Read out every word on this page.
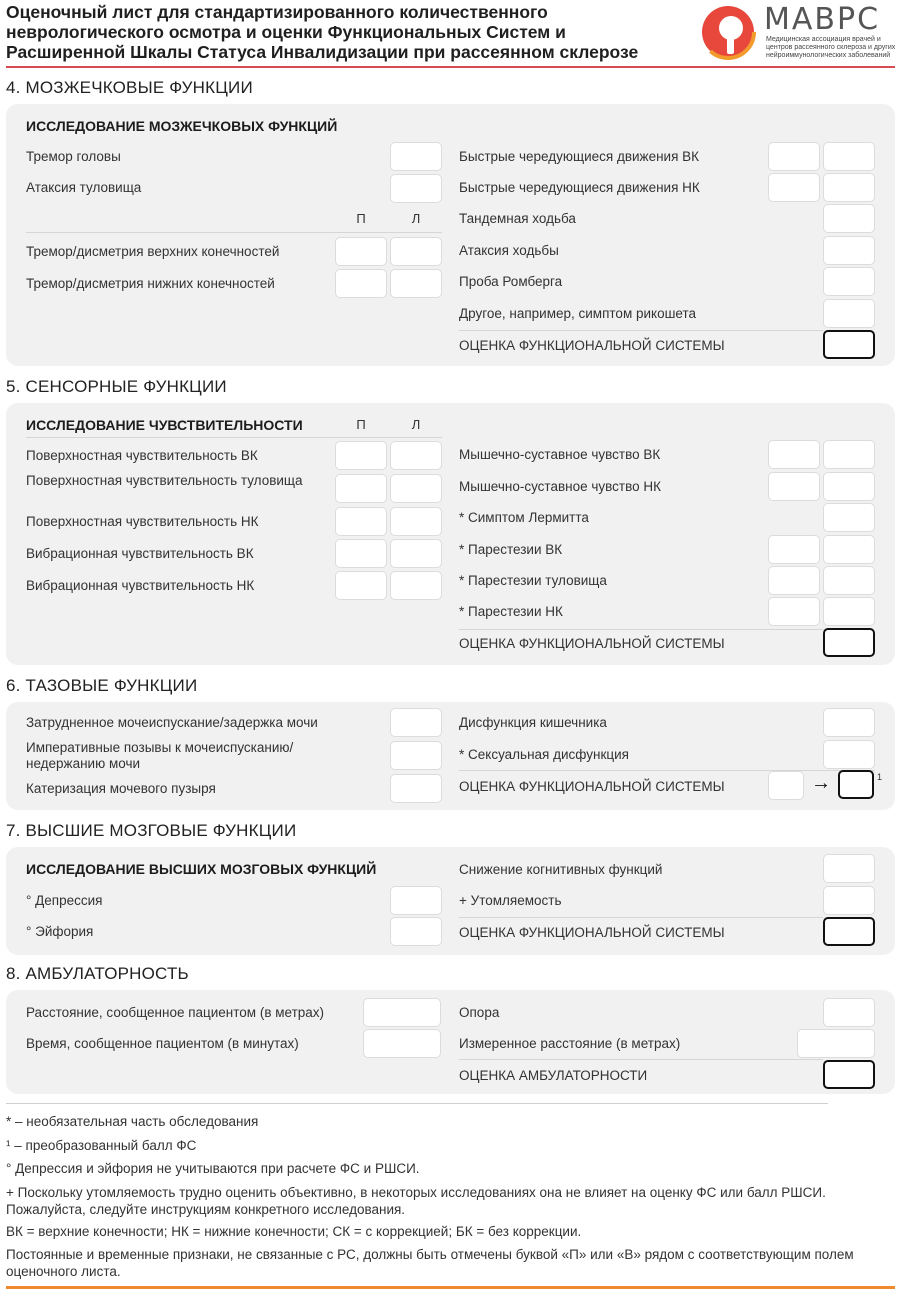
Оценочный лист для стандартизированного количественного неврологического осмотра и оценки Функциональных Систем и Расширенной Шкалы Статуса Инвалидизации при рассеянном склерозе
МАВРС
Медицинская ассоциация врачей и центров рассеянного склероза и других нейроиммунологических заболеваний
4. МОЗЖЕЧКОВЫЕ ФУНКЦИИ
ИССЛЕДОВАНИЕ МОЗЖЕЧКОВЫХ ФУНКЦИЙ
Тремор головы
Атаксия туловища
П	Л
Тремор/дисметрия верхних конечностей
Тремор/дисметрия нижних конечностей
Быстрые чередующиеся движения ВК
Быстрые чередующиеся движения НК
Тандемная ходьба
Атаксия ходьбы
Проба Ромберга
Другое, например, симптом рикошета
ОЦЕНКА ФУНКЦИОНАЛЬНОЙ СИСТЕМЫ
5. СЕНСОРНЫЕ ФУНКЦИИ
ИССЛЕДОВАНИЕ ЧУВСТВИТЕЛЬНОСТИ	П	Л
Поверхностная чувствительность ВК
Поверхностная чувствительность туловища
Поверхностная чувствительность НК
Вибрационная чувствительность ВК
Вибрационная чувствительность НК
Мышечно-суставное чувство ВК
Мышечно-суставное чувство НК
* Симптом Лермитта
* Парестезии ВК
* Парестезии туловища
* Парестезии НК
ОЦЕНКА ФУНКЦИОНАЛЬНОЙ СИСТЕМЫ
6. ТАЗОВЫЕ ФУНКЦИИ
Затрудненное мочеиспускание/задержка мочи
Императивные позывы к мочеиспусканию/ недержанию мочи
Катеризация мочевого пузыря
Дисфункция кишечника
* Сексуальная дисфункция
ОЦЕНКА ФУНКЦИОНАЛЬНОЙ СИСТЕМЫ	→	1
7. ВЫСШИЕ МОЗГОВЫЕ ФУНКЦИИ
ИССЛЕДОВАНИЕ ВЫСШИХ МОЗГОВЫХ ФУНКЦИЙ
° Депрессия
° Эйфория
Снижение когнитивных функций
+ Утомляемость
ОЦЕНКА ФУНКЦИОНАЛЬНОЙ СИСТЕМЫ
8. АМБУЛАТОРНОСТЬ
Расстояние, сообщенное пациентом (в метрах)
Время, сообщенное пациентом (в минутах)
Опора
Измеренное расстояние (в метрах)
ОЦЕНКА АМБУЛАТОРНОСТИ
* – необязательная часть обследования
¹ – преобразованный балл ФС
° Депрессия и эйфория не учитываются при расчете ФС и РШСИ.
+ Поскольку утомляемость трудно оценить объективно, в некоторых исследованиях она не влияет на оценку ФС или балл РШСИ. Пожалуйста, следуйте инструкциям конкретного исследования.
ВК = верхние конечности; НК = нижние конечности; СК = с коррекцией; БК = без коррекции.
Постоянные и временные признаки, не связанные с РС, должны быть отмечены буквой «П» или «В» рядом с соответствующим полем оценочного листа.
